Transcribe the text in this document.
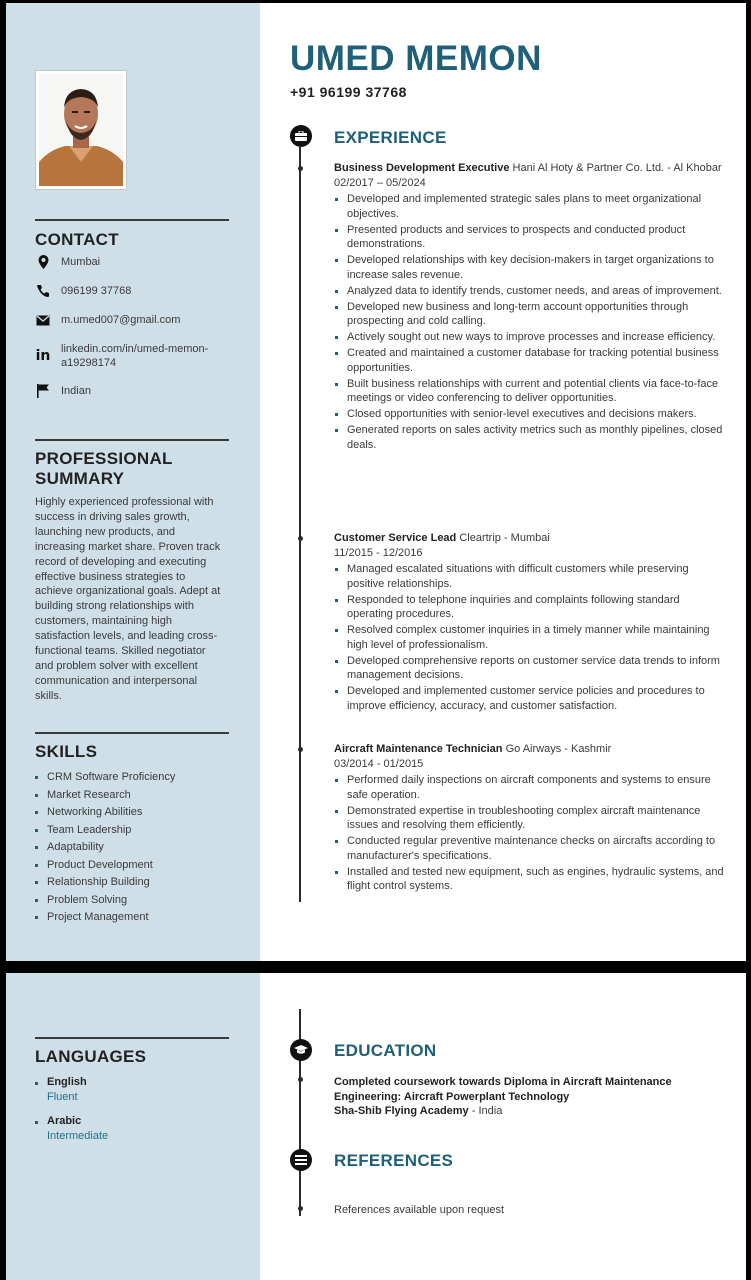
CONTACT
Mumbai
096199 37768
m.umed007@gmail.com
in linkedin.com/in/umed-memon-
a19298174
Indian
PROFESSIONAL
SUMMARY
Highly experienced professional with
success in driving sales growth,
launching new products, and
increasing market share. Proven track
record of developing and executing
effective business strategies to
achieve organizational goals. Adept at
building strong relationships with
customers, maintaining high
satisfaction levels, and leading cross-
functional teams. Skilled negotiator
and problem solver with excellent
communication and interpersonal
skills.
SKILLS
CRM Software Proficiency
Market Research
Networking Abilities
Team Leadership
Adaptability
Product Development
Relationship Building
Problem Solving
Project Management
UMED MEMON
+91 96199 37768
EXPERIENCE
Business Development Executive Hani Al Hoty & Partner Co. Ltd. - Al Khobar
02/2017 – 05/2024
Developed and implemented strategic sales plans to meet organizational objectives.
Presented products and services to prospects and conducted product demonstrations.
Developed relationships with key decision-makers in target organizations to increase sales revenue.
Analyzed data to identify trends, customer needs, and areas of improvement.
Developed new business and long-term account opportunities through prospecting and cold calling.
Actively sought out new ways to improve processes and increase efficiency.
Created and maintained a customer database for tracking potential business opportunities.
Built business relationships with current and potential clients via face-to-face meetings or video conferencing to deliver opportunities.
Closed opportunities with senior-level executives and decisions makers.
Generated reports on sales activity metrics such as monthly pipelines, closed deals.
Customer Service Lead Cleartrip - Mumbai
11/2015 - 12/2016
Managed escalated situations with difficult customers while preserving positive relationships.
Responded to telephone inquiries and complaints following standard operating procedures.
Resolved complex customer inquiries in a timely manner while maintaining high level of professionalism.
Developed comprehensive reports on customer service data trends to inform management decisions.
Developed and implemented customer service policies and procedures to improve efficiency, accuracy, and customer satisfaction.
Aircraft Maintenance Technician Go Airways - Kashmir
03/2014 - 01/2015
Performed daily inspections on aircraft components and systems to ensure safe operation.
Demonstrated expertise in troubleshooting complex aircraft maintenance issues and resolving them efficiently.
Conducted regular preventive maintenance checks on aircrafts according to manufacturer's specifications.
Installed and tested new equipment, such as engines, hydraulic systems, and flight control systems.
LANGUAGES
English
Fluent
Arabic
Intermediate
EDUCATION
Completed coursework towards Diploma in Aircraft Maintenance
Engineering: Aircraft Powerplant Technology
Sha-Shib Flying Academy - India
REFERENCES
References available upon request
